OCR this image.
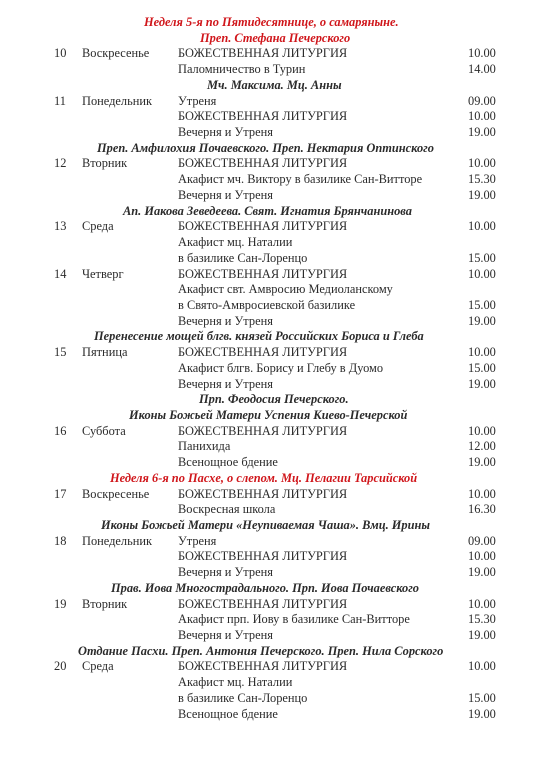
Неделя 5-я по Пятидесятнице, о самаряныне.
Преп. Стефана Печерского
10 Воскресенье БОЖЕСТВЕННАЯ ЛИТУРГИЯ	10.00
Паломничество в Турин	14.00
Мч. Максима. Мц. Анны
11 Понедельник Утреня	09.00
БОЖЕСТВЕННАЯ ЛИТУРГИЯ	10.00
Вечерня и Утреня	19.00
Преп. Амфилохия Почаевского. Преп. Нектария Оптинского
12 Вторник	БОЖЕСТВЕННАЯ ЛИТУРГИЯ	10.00
Акафист мч. Виктору в базилике Сан-Витторе	15.30
Вечерня и Утреня	19.00
Ап. Иакова Зеведеева. Свят. Игнатия Брянчанинова
13 Среда	БОЖЕСТВЕННАЯ ЛИТУРГИЯ	10.00
Акафист мц. Наталии
в базилике Сан-Лоренцо	15.00
14 Четверг	БОЖЕСТВЕННАЯ ЛИТУРГИЯ	10.00
Акафист свт. Амвросию Медиоланскому
в Свято-Амвросиевской базилике	15.00
Вечерня и Утреня	19.00
Перенесение мощей блгв. князей Российских Бориса и Глеба
15 Пятница	БОЖЕСТВЕННАЯ ЛИТУРГИЯ	10.00
Акафист блгв. Борису и Глебу в Дуомо	15.00
Вечерня и Утреня	19.00
Прп. Феодосия Печерского.
Иконы Божьей Матери Успения Киево-Печерской
16 Суббота	БОЖЕСТВЕННАЯ ЛИТУРГИЯ	10.00
Панихида	12.00
Всенощное бдение	19.00
Неделя 6-я по Пасхе, о слепом. Мц. Пелагии Тарсийской
17 Воскресенье БОЖЕСТВЕННАЯ ЛИТУРГИЯ	10.00
Воскресная школа	16.30
Иконы Божьей Матери «Неупиваемая Чаша». Вмц. Ирины
18 Понедельник Утреня	09.00
БОЖЕСТВЕННАЯ ЛИТУРГИЯ	10.00
Вечерня и Утреня	19.00
Прав. Иова Многострадального. Прп. Иова Почаевского
19 Вторник	БОЖЕСТВЕННАЯ ЛИТУРГИЯ	10.00
Акафист прп. Иову в базилике Сан-Витторе	15.30
Вечерня и Утреня	19.00
Отдание Пасхи. Преп. Антония Печерского. Преп. Нила Сорского
20 Среда	БОЖЕСТВЕННАЯ ЛИТУРГИЯ	10.00
Акафист мц. Наталии
в базилике Сан-Лоренцо	15.00
Всенощное бдение	19.00
